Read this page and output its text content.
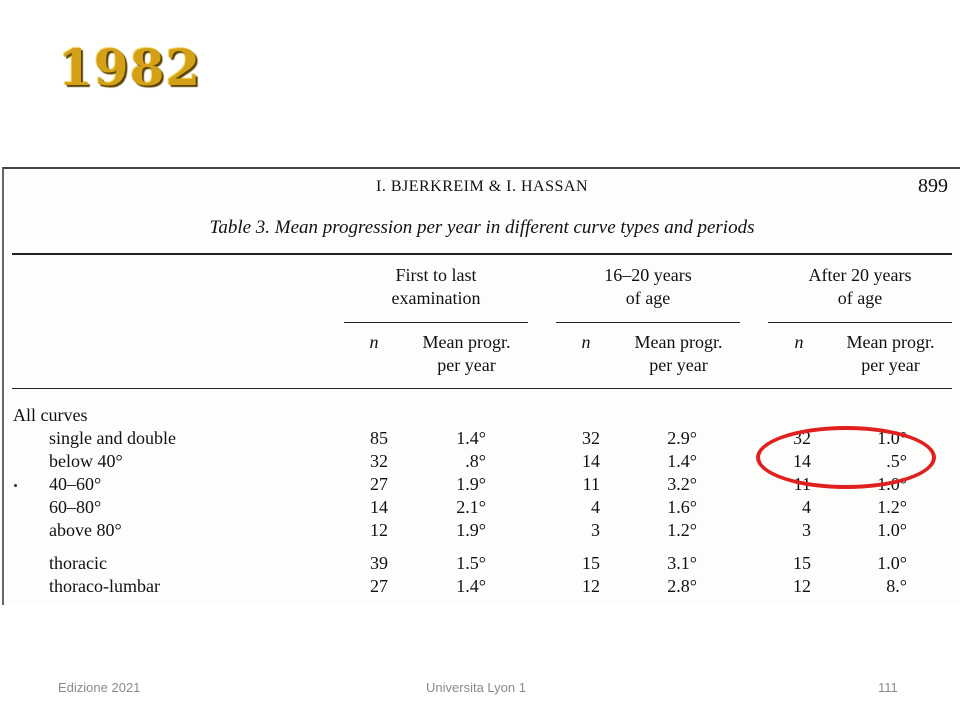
1982
I. BJERKREIM & I. HASSAN	899
Table 3. Mean progression per year in different curve types and periods
First to last
examination
16–20 years
of age
After 20 years
of age
n	Mean progr.
per year
n	Mean progr.
per year
n	Mean progr.
per year
All curves
single and double	85	1.4°	32	2.9°	32	1.0°
below 40°	32	.8°	14	1.4°	14	.5°
40–60°	27	1.9°	11	3.2°	11	1.0°
60–80°	14	2.1°	4	1.6°	4	1.2°
above 80°	12	1.9°	3	1.2°	3	1.0°
thoracic	39	1.5°	15	3.1°	15	1.0°
thoraco-lumbar	27	1.4°	12	2.8°	12	8.°
Edizione 2021	Universita Lyon 1	111
